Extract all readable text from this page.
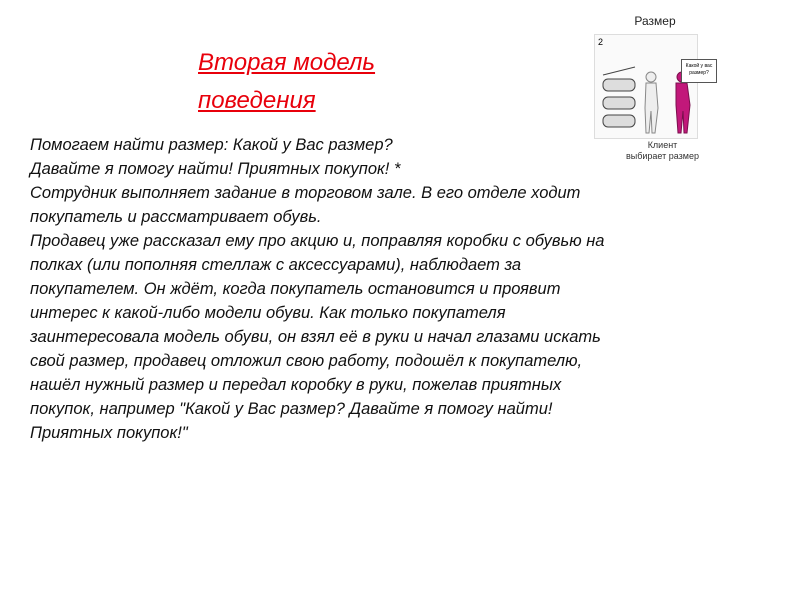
Вторая модель
поведения
Помогаем найти размер: Какой у Вас размер?
Давайте я помогу найти! Приятных покупок! *
Сотрудник выполняет задание в торговом зале. В его отделе ходит
покупатель и рассматривает обувь.
Продавец уже рассказал ему про акцию и, поправляя коробки с обувью на
полках (или пополняя стеллаж с аксессуарами), наблюдает за
покупателем. Он ждёт, когда покупатель остановится и проявит
интерес к какой-либо модели обуви. Как только покупателя
заинтересовала модель обуви, он взял её в руки и начал глазами искать
свой размер, продавец отложил свою работу, подошёл к покупателю,
нашёл нужный размер и передал коробку в руки, пожелав приятных
покупок, например "Какой у Вас размер? Давайте я помогу найти!
Приятных покупок!"
Размер
2
Какой у вас размер?
Клиент
выбирает размер
